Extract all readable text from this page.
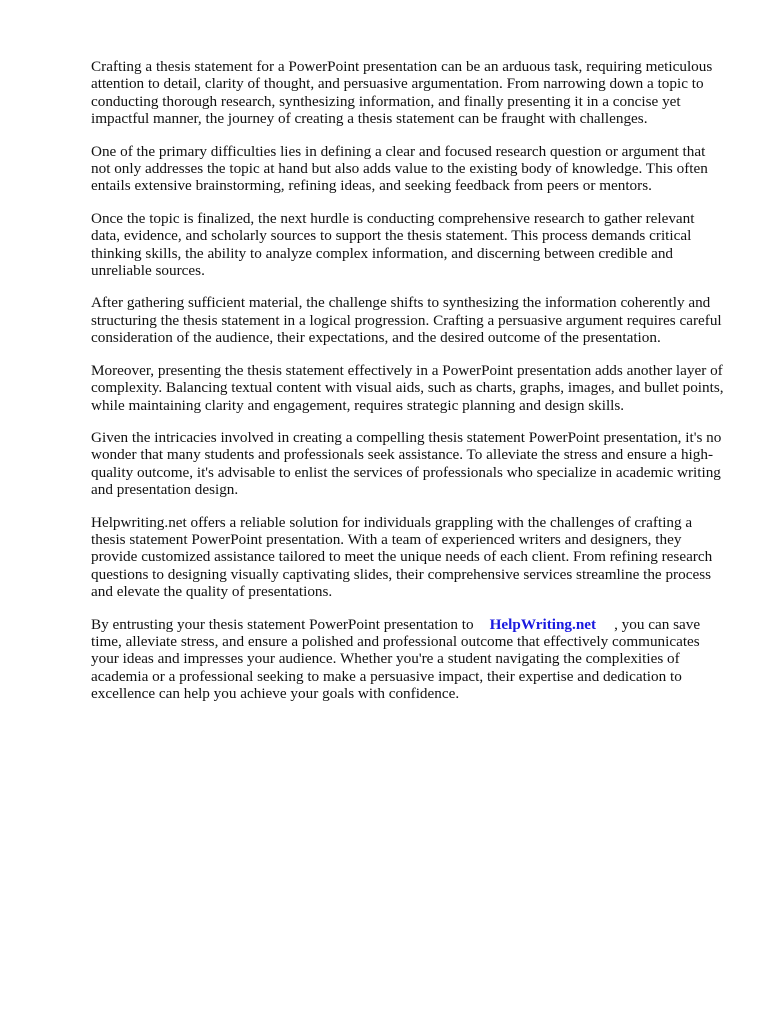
Crafting a thesis statement for a PowerPoint presentation can be an arduous task, requiring meticulous attention to detail, clarity of thought, and persuasive argumentation. From narrowing down a topic to conducting thorough research, synthesizing information, and finally presenting it in a concise yet impactful manner, the journey of creating a thesis statement can be fraught with challenges.

One of the primary difficulties lies in defining a clear and focused research question or argument that not only addresses the topic at hand but also adds value to the existing body of knowledge. This often entails extensive brainstorming, refining ideas, and seeking feedback from peers or mentors.

Once the topic is finalized, the next hurdle is conducting comprehensive research to gather relevant data, evidence, and scholarly sources to support the thesis statement. This process demands critical thinking skills, the ability to analyze complex information, and discerning between credible and unreliable sources.

After gathering sufficient material, the challenge shifts to synthesizing the information coherently and structuring the thesis statement in a logical progression. Crafting a persuasive argument requires careful consideration of the audience, their expectations, and the desired outcome of the presentation.

Moreover, presenting the thesis statement effectively in a PowerPoint presentation adds another layer of complexity. Balancing textual content with visual aids, such as charts, graphs, images, and bullet points, while maintaining clarity and engagement, requires strategic planning and design skills.

Given the intricacies involved in creating a compelling thesis statement PowerPoint presentation, it's no wonder that many students and professionals seek assistance. To alleviate the stress and ensure a high-quality outcome, it's advisable to enlist the services of professionals who specialize in academic writing and presentation design.

Helpwriting.net offers a reliable solution for individuals grappling with the challenges of crafting a thesis statement PowerPoint presentation. With a team of experienced writers and designers, they provide customized assistance tailored to meet the unique needs of each client. From refining research questions to designing visually captivating slides, their comprehensive services streamline the process and elevate the quality of presentations.

By entrusting your thesis statement PowerPoint presentation to HelpWriting.net , you can save time, alleviate stress, and ensure a polished and professional outcome that effectively communicates your ideas and impresses your audience. Whether you're a student navigating the complexities of academia or a professional seeking to make a persuasive impact, their expertise and dedication to excellence can help you achieve your goals with confidence.
